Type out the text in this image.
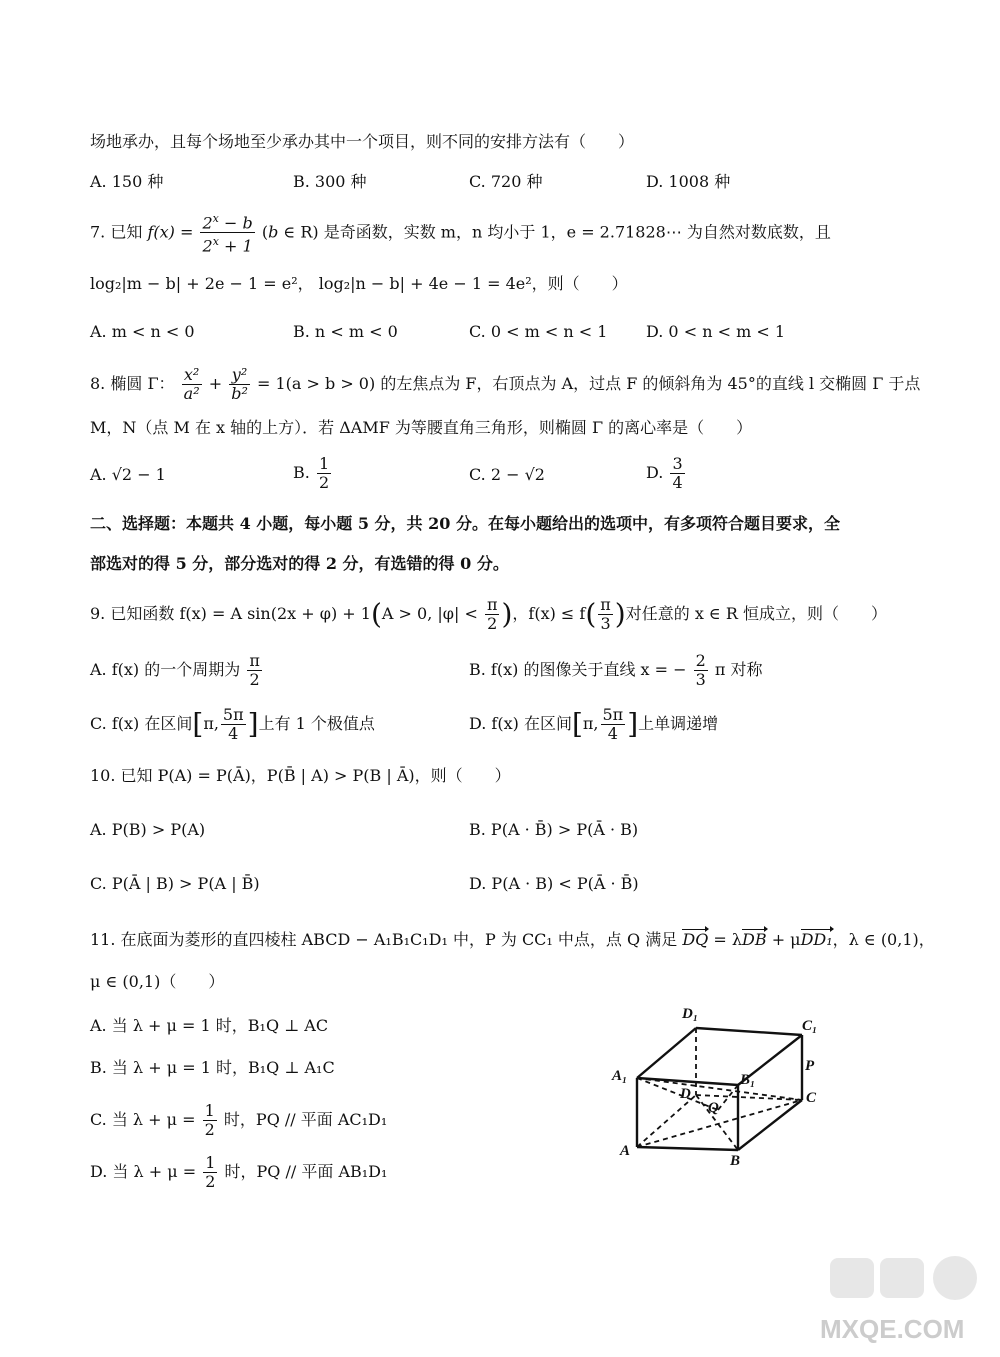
场地承办，且每个场地至少承办其中一个项目，则不同的安排方法有（　　）
A. 150 种	B. 300 种	C. 720 种	D. 1008 种
7. 已知 $f(x) = \frac{2^x - b}{2^x + 1} (b$ ∈ R) 是奇函数，实数 m，n 均小于 1，e = 2.71828⋯ 为自然对数底数，且
log₂|m − b| + 2e − 1 = e²， log₂|n − b| + 4e − 1 = 4e²，则（　　）
A. m < n < 0	B. n < m < 0	C. 0 < m < n < 1 D. 0 < n < m < 1
8. 椭圆 Γ： $\frac{\text{x²}}{\text{a²}} + \frac{\text{y²}}{\text{b²}} = 1(a > b > 0)$ 的左焦点为 F，右顶点为 A，过点 F 的倾斜角为 45°的直线 l 交椭圆 Γ 于点
M，N（点 M 在 x 轴的上方）．若 ΔAMF 为等腰直角三角形，则椭圆 Γ 的离心率是（　　）
A. √2 − 1	B. $\frac{1}{2}$	C. 2 − √2	D. $\frac{3}{4}$
二、选择题：本题共 4 小题，每小题 5 分，共 20 分。在每小题给出的选项中，有多项符合题目要求，全
部选对的得 5 分，部分选对的得 2 分，有选错的得 0 分。
9. 已知函数 f(x) = A sin(2x + φ) + 1(A > 0, $|\varphi| < \frac{\pi}{2}$ )，$f(x) \le f( \frac{\pi}{3}$ )对任意的 x ∈ R 恒成立，则（　　）
A. f(x) 的一个周期为 $\frac{\pi}{2}$	B. f(x) 的图像关于直线 x = − $\frac{2}{3}$ π 对称
C. f(x) 在区间[π, $\frac{5\pi}{4}$ ]上有 1 个极值点	D. f(x) 在区间[π, $\frac{5\pi}{4}$ ]上单调递增
10. 已知 P(A) = P(Ā)，P(B̄ | A) > P(B | Ā)，则（　　）
A. P(B) > P(A)	B. P(A · B̄) > P(Ā · B)
C. P(Ā | B) > P(A | B̄)	D. P(A · B) < P(Ā · B̄)
11. 在底面为菱形的直四棱柱 ABCD − A₁B₁C₁D₁ 中，P 为 CC₁ 中点，点 Q 满足 DQ = λDB + μDD₁，λ ∈ (0,1)，
μ ∈ (0,1)（　　）
A. 当 λ + μ = 1 时，B₁Q ⊥ AC
B. 当 λ + μ = 1 时，B₁Q ⊥ A₁C
C. 当 $\lambda + \mu = \frac{1}{2}$ 时，PQ // 平面 AC₁D₁
D. 当 $\lambda + \mu = \frac{1}{2}$ 时，PQ // 平面 AB₁D₁
D₁
C₁
A₁	B₁
P
C
D
Q
A
B
MXQE.COM
